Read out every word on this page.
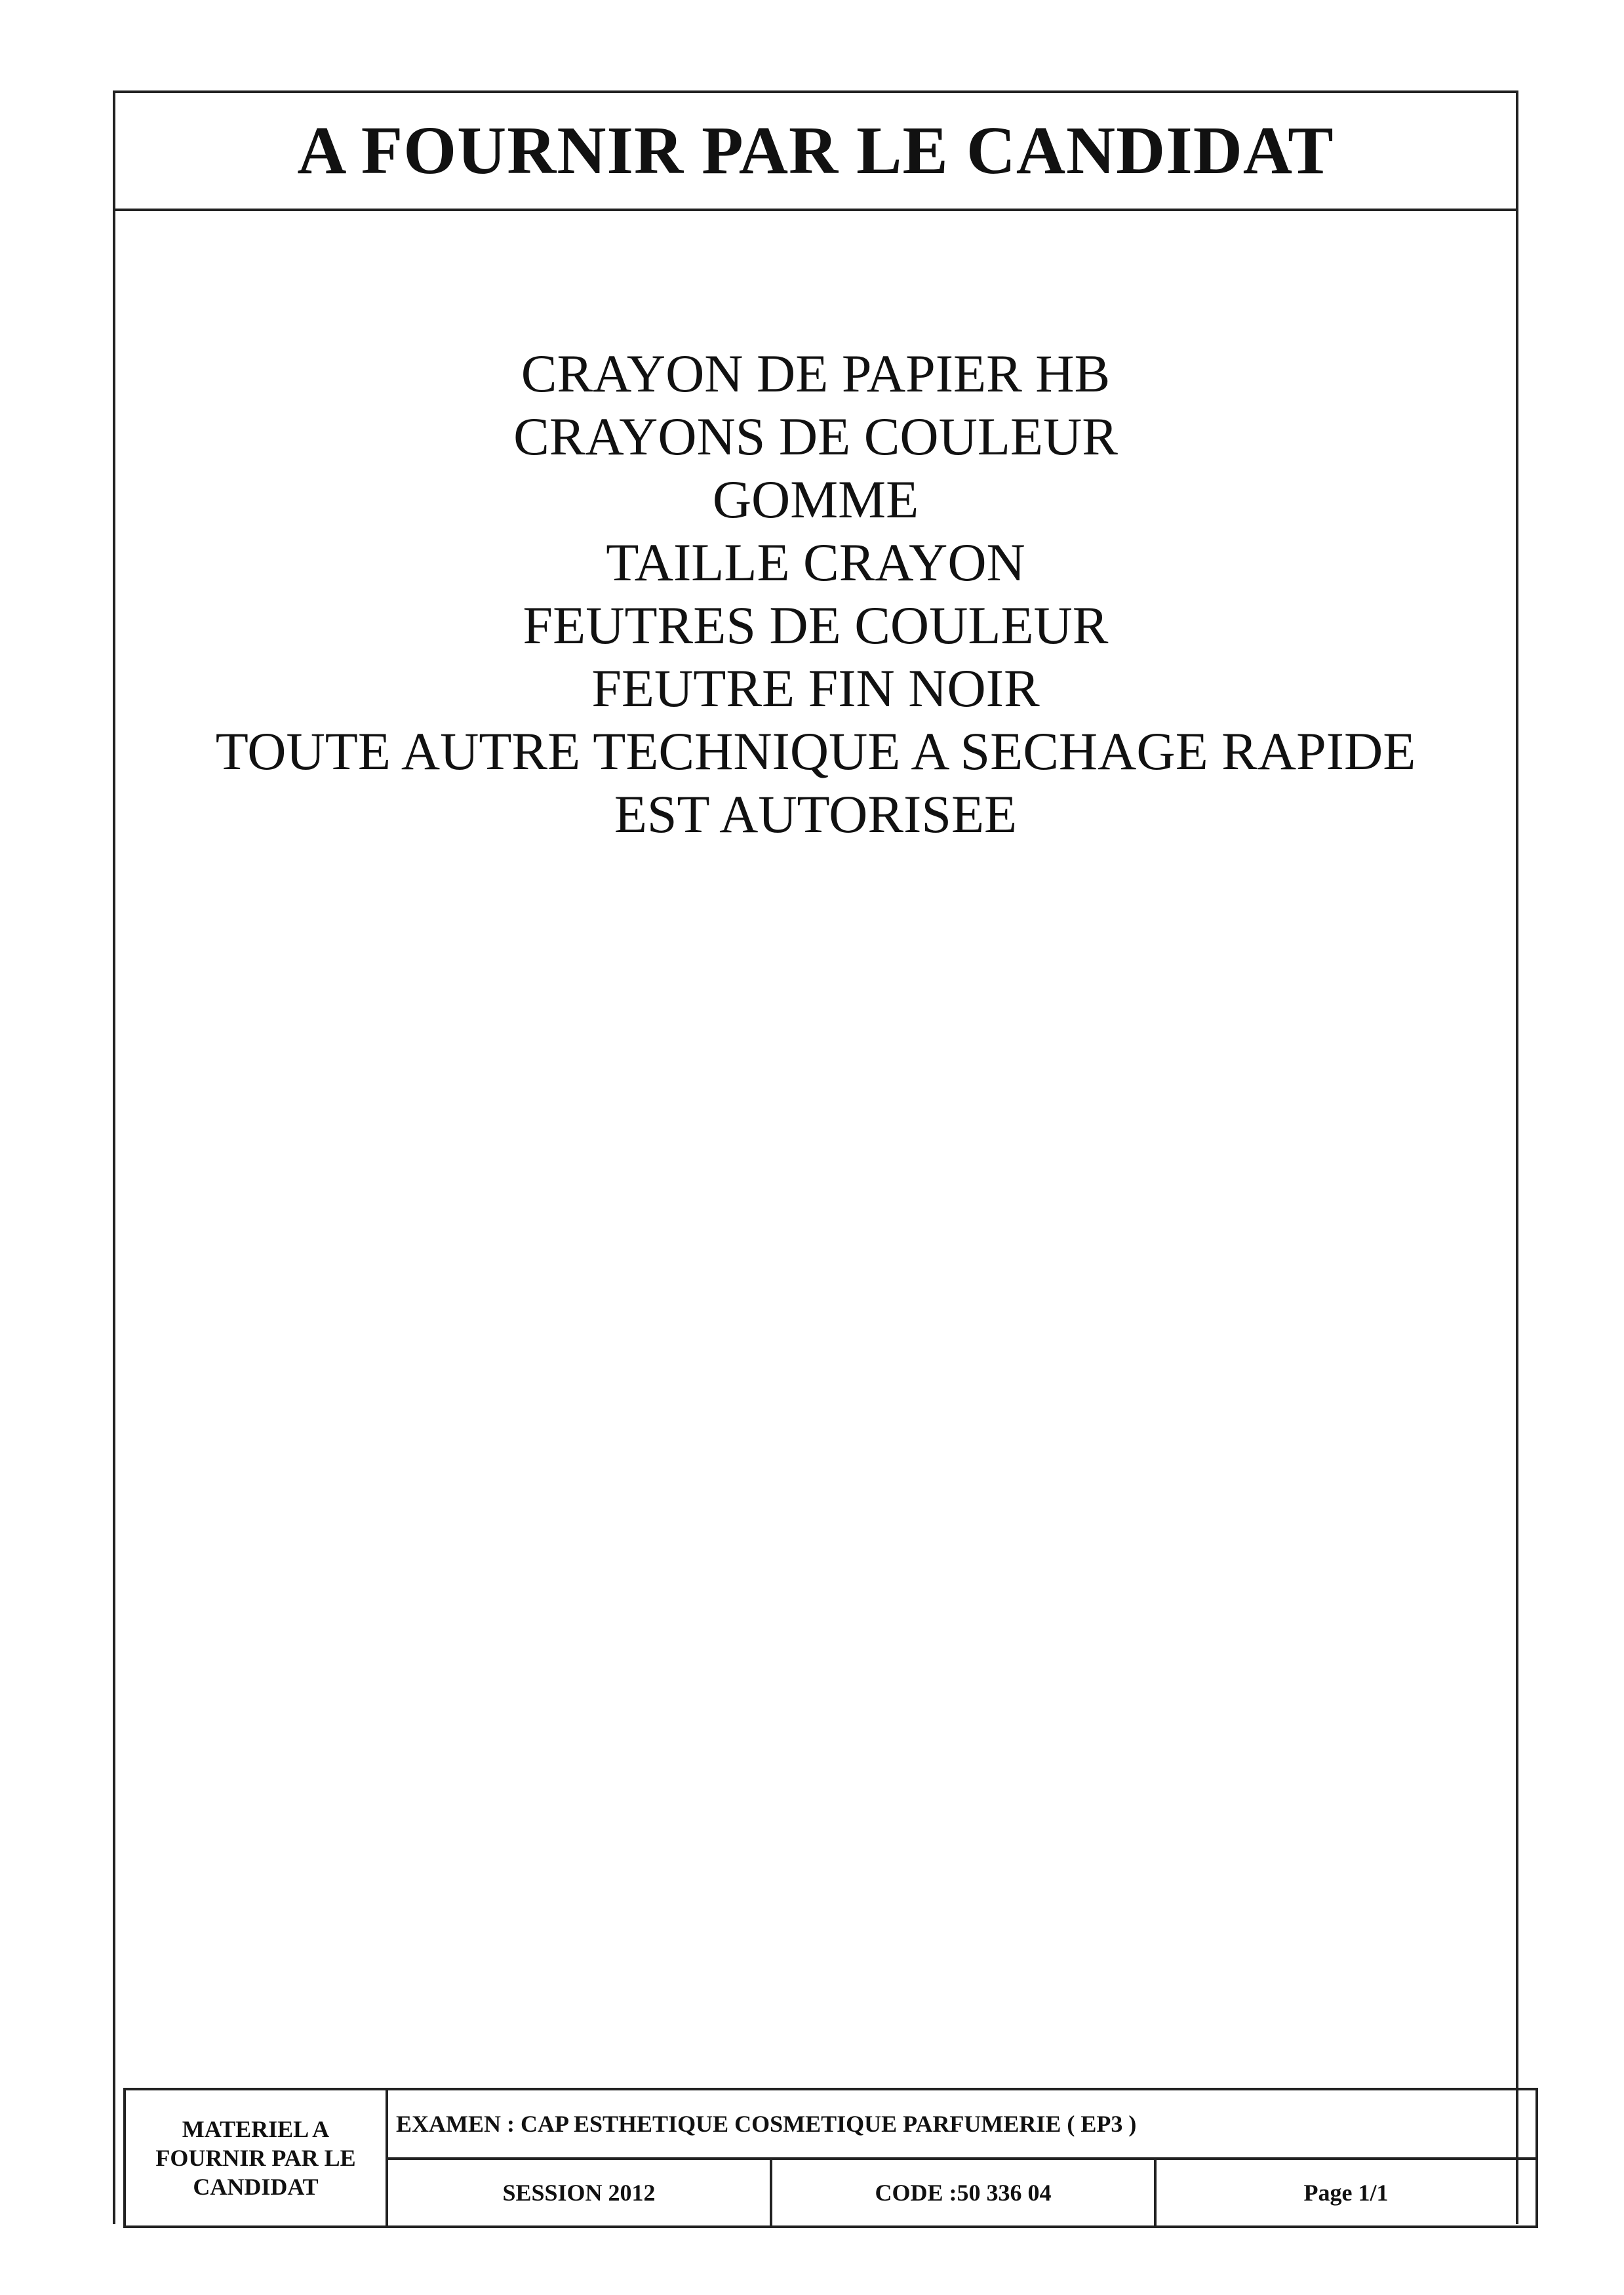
A FOURNIR PAR LE CANDIDAT
CRAYON DE PAPIER HB
CRAYONS DE COULEUR
GOMME
TAILLE CRAYON
FEUTRES DE COULEUR
FEUTRE FIN NOIR
TOUTE AUTRE TECHNIQUE A SECHAGE RAPIDE
EST AUTORISEE
MATERIEL A
FOURNIR PAR LE
CANDIDAT	EXAMEN : CAP ESTHETIQUE COSMETIQUE PARFUMERIE ( EP3 )		
	SESSION 2012	CODE :50 336 04	Page 1/1
